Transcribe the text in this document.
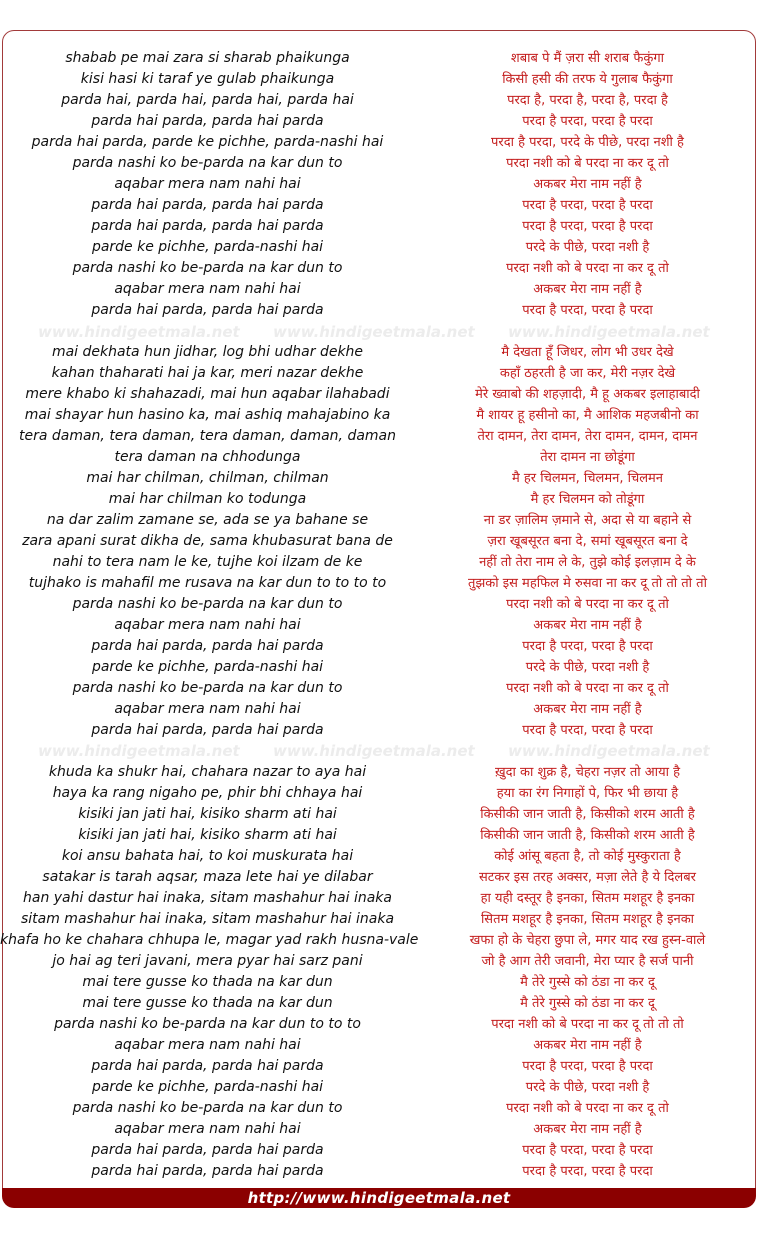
shabab pe mai zara si sharab phaikunga
kisi hasi ki taraf ye gulab phaikunga
parda hai, parda hai, parda hai, parda hai
parda hai parda, parda hai parda
parda hai parda, parde ke pichhe, parda-nashi hai
parda nashi ko be-parda na kar dun to
aqabar mera nam nahi hai
parda hai parda, parda hai parda
parda hai parda, parda hai parda
parde ke pichhe, parda-nashi hai
parda nashi ko be-parda na kar dun to
aqabar mera nam nahi hai
parda hai parda, parda hai parda
mai dekhata hun jidhar, log bhi udhar dekhe
kahan thaharati hai ja kar, meri nazar dekhe
mere khabo ki shahazadi, mai hun aqabar ilahabadi
mai shayar hun hasino ka, mai ashiq mahajabino ka
tera daman, tera daman, tera daman, daman, daman
tera daman na chhodunga
mai har chilman, chilman, chilman
mai har chilman ko todunga
na dar zalim zamane se, ada se ya bahane se
zara apani surat dikha de, sama khubasurat bana de
nahi to tera nam le ke, tujhe koi ilzam de ke
tujhako is mahafil me rusava na kar dun to to to to
parda nashi ko be-parda na kar dun to
aqabar mera nam nahi hai
parda hai parda, parda hai parda
parde ke pichhe, parda-nashi hai
parda nashi ko be-parda na kar dun to
aqabar mera nam nahi hai
parda hai parda, parda hai parda
khuda ka shukr hai, chahara nazar to aya hai
haya ka rang nigaho pe, phir bhi chhaya hai
kisiki jan jati hai, kisiko sharm ati hai
kisiki jan jati hai, kisiko sharm ati hai
koi ansu bahata hai, to koi muskurata hai
satakar is tarah aqsar, maza lete hai ye dilabar
han yahi dastur hai inaka, sitam mashahur hai inaka
sitam mashahur hai inaka, sitam mashahur hai inaka
khafa ho ke chahara chhupa le, magar yad rakh husna-vale
jo hai ag teri javani, mera pyar hai sarz pani
mai tere gusse ko thada na kar dun
mai tere gusse ko thada na kar dun
parda nashi ko be-parda na kar dun to to to
aqabar mera nam nahi hai
parda hai parda, parda hai parda
parde ke pichhe, parda-nashi hai
parda nashi ko be-parda na kar dun to
aqabar mera nam nahi hai
parda hai parda, parda hai parda
parda hai parda, parda hai parda
शबाब पे मैं ज़रा सी शराब फैकुंगा
किसी हसी की तरफ ये गुलाब फैकुंगा
परदा है, परदा है, परदा है, परदा है
परदा है परदा, परदा है परदा
परदा है परदा, परदे के पीछे, परदा नशी है
परदा नशी को बे परदा ना कर दू तो
अकबर मेरा नाम नहीं है
परदा है परदा, परदा है परदा
परदा है परदा, परदा है परदा
परदे के पीछे, परदा नशी है
परदा नशी को बे परदा ना कर दू तो
अकबर मेरा नाम नहीं है
परदा है परदा, परदा है परदा
मै देखता हूँ जिधर, लोग भी उधर देखे
कहाँ ठहरती है जा कर, मेरी नज़र देखे
मेरे ख्वाबो की शहज़ादी, मै हू अकबर इलाहाबादी
मै शायर हू हसीनो का, मै आशिक महजबीनो का
तेरा दामन, तेरा दामन, तेरा दामन, दामन, दामन
तेरा दामन ना छोडूंगा
मै हर चिलमन, चिलमन, चिलमन
मै हर चिलमन को तोडूंगा
ना डर ज़ालिम ज़माने से, अदा से या बहाने से
ज़रा खूबसूरत बना दे, समां खूबसूरत बना दे
नहीं तो तेरा नाम ले के, तुझे कोई इलज़ाम दे के
तुझको इस महफिल मे रुसवा ना कर दू तो तो तो तो
परदा नशी को बे परदा ना कर दू तो
अकबर मेरा नाम नहीं है
परदा है परदा, परदा है परदा
परदे के पीछे, परदा नशी है
परदा नशी को बे परदा ना कर दू तो
अकबर मेरा नाम नहीं है
परदा है परदा, परदा है परदा
ख़ुदा का शुक्र है, चेहरा नज़र तो आया है
हया का रंग निगाहों पे, फिर भी छाया है
किसीकी जान जाती है, किसीको शरम आती है
किसीकी जान जाती है, किसीको शरम आती है
कोई आंसू बहता है, तो कोई मुस्कुराता है
सटकर इस तरह अक्सर, मज़ा लेते है ये दिलबर
हा यही दस्तूर है इनका, सितम मशहूर है इनका
सितम मशहूर है इनका, सितम मशहूर है इनका
खफा हो के चेहरा छुपा ले, मगर याद रख हुस्न-वाले
जो है आग तेरी जवानी, मेरा प्यार है सर्ज पानी
मै तेरे गुस्से को ठंडा ना कर दू
मै तेरे गुस्से को ठंडा ना कर दू
परदा नशी को बे परदा ना कर दू तो तो तो
अकबर मेरा नाम नहीं है
परदा है परदा, परदा है परदा
परदे के पीछे, परदा नशी है
परदा नशी को बे परदा ना कर दू तो
अकबर मेरा नाम नहीं है
परदा है परदा, परदा है परदा
परदा है परदा, परदा है परदा
www.hindigeetmala.net www.hindigeetmala.net www.hindigeetmala.net
www.hindigeetmala.net www.hindigeetmala.net www.hindigeetmala.net
http://www.hindigeetmala.net
